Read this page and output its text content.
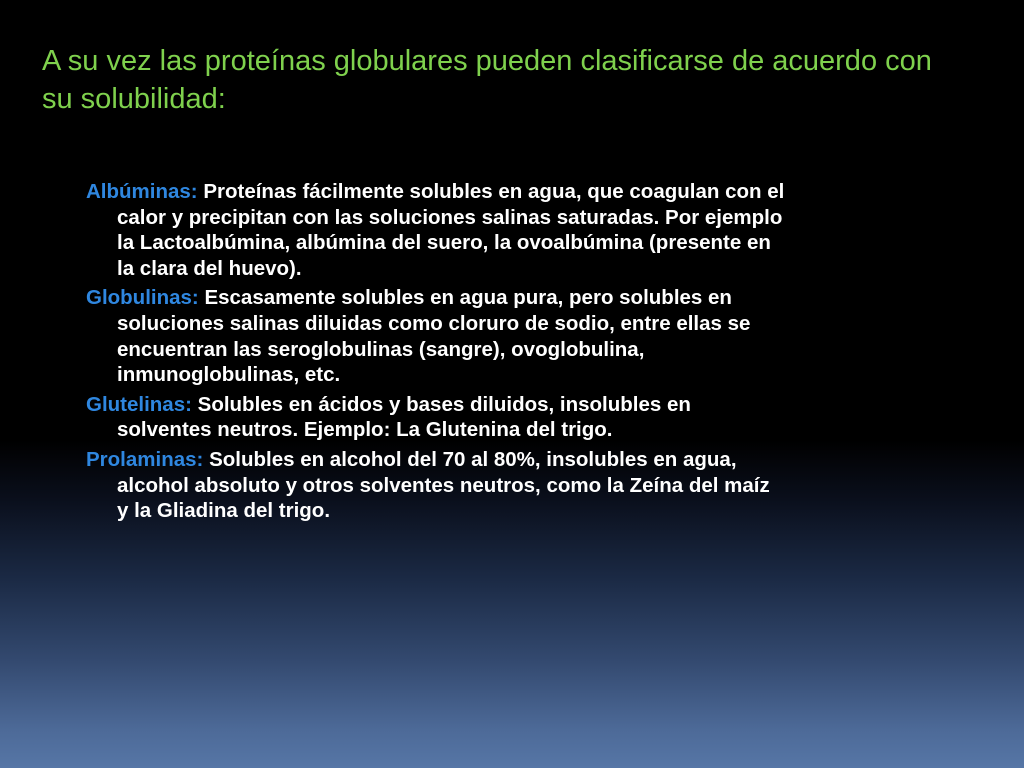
A su vez las proteínas globulares pueden clasificarse de acuerdo con su solubilidad:
Albúminas: Proteínas fácilmente solubles en agua, que coagulan con el calor y precipitan con las soluciones salinas saturadas. Por ejemplo la Lactoalbúmina, albúmina del suero, la ovoalbúmina (presente en la clara del huevo).
Globulinas: Escasamente solubles en agua pura, pero solubles en soluciones salinas diluidas como cloruro de sodio, entre ellas se encuentran las seroglobulinas (sangre), ovoglobulina, inmunoglobulinas, etc.
Glutelinas: Solubles en ácidos y bases diluidos, insolubles en solventes neutros. Ejemplo: La Glutenina del trigo.
Prolaminas: Solubles en alcohol del 70 al 80%, insolubles en agua, alcohol absoluto y otros solventes neutros, como la Zeína del maíz y la Gliadina del trigo.
